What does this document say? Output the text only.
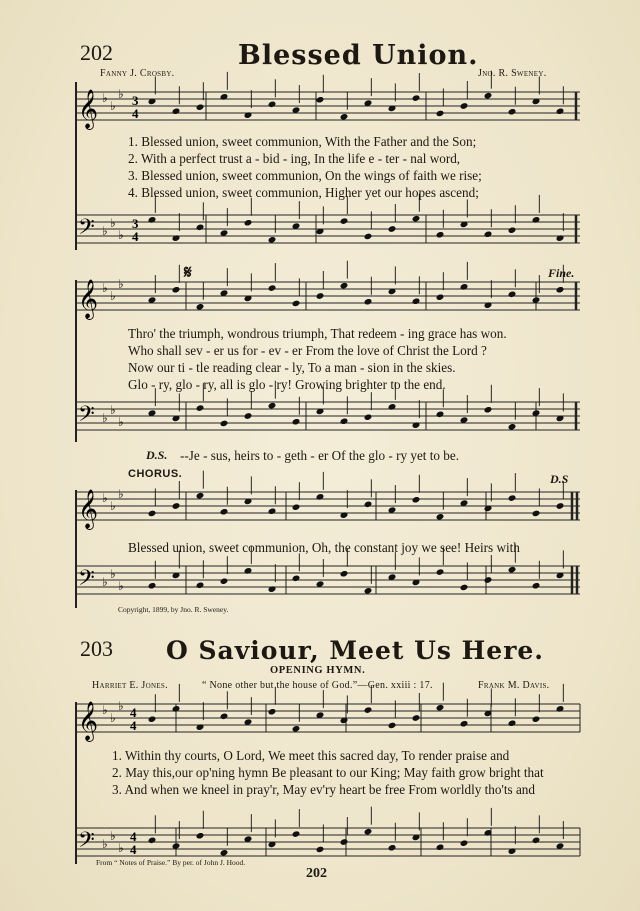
202	Blessed Union.
Fanny J. Crosby.	Jno. R. Sweney.
𝄞 ♭
♭
♭ 3
4
1. Blessed union, sweet communion, With the Father and the Son;
2. With a perfect trust a - bid - ing, In the life e - ter - nal word,
3. Blessed union, sweet communion, On the wings of faith we rise;
4. Blessed union, sweet communion, Higher yet our hopes ascend;
𝄢 ♭
♭
♭
3
4
𝄋	Fine.
𝄞 ♭
♭
♭
Thro' the triumph, wondrous triumph, That redeem - ing grace has won.
Who shall sev - er us for - ev - er From the love of Christ the Lord ?
Now our ti - tle reading clear - ly, To a man - sion in the skies.
Glo - ry, glo - ry, all is glo - ry! Growing brighter to the end.
𝄢 ♭
♭
♭
D.S. --Je - sus, heirs to - geth - er Of the glo - ry yet to be.
CHORUS.	D.S
𝄞 ♭
♭
♭
Blessed union, sweet communion, Oh, the constant joy we see! Heirs with
𝄢 ♭
♭
♭
Copyright, 1899, by Jno. R. Sweney.
203 O Saviour, Meet Us Here.
OPENING HYMN.
Harriet E. Jones.	“ None other but the house of God.”—Gen. xxiii : 17.	Frank M. Davis.
𝄞 ♭
♭
♭ 4
4
1. Within thy courts, O Lord, We meet this sacred day, To render praise and
2. May this,our op'ning hymn Be pleasant to our King; May faith grow bright that
3. And when we kneel in pray'r, May ev'ry heart be free From worldly tho'ts and
𝄢 ♭
♭
♭
4
4
From “ Notes of Praise.” By per. of John J. Hood.
202
